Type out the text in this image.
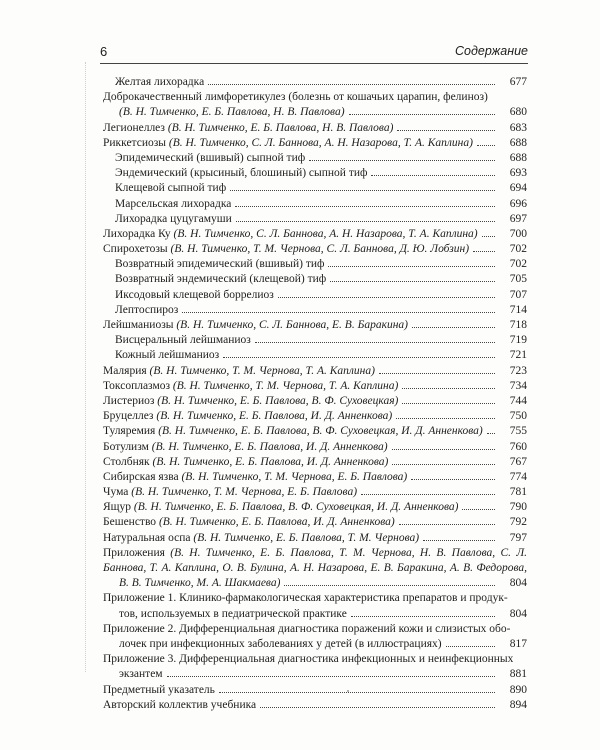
6	Содержание
Желтая лихорадка	677
Доброкачественный лимфоретикулез (болезнь от кошачьих царапин, фелиноз)
(В. Н. Тимченко, Е. Б. Павлова, Н. В. Павлова)	680
Легионеллез (В. Н. Тимченко, Е. Б. Павлова, Н. В. Павлова)	683
Риккетсиозы (В. Н. Тимченко, С. Л. Баннова, А. Н. Назарова, Т. А. Каплина)	688
Эпидемический (вшивый) сыпной тиф	688
Эндемический (крысиный, блошиный) сыпной тиф	693
Клещевой сыпной тиф	694
Марсельская лихорадка	696
Лихорадка цуцугамуши	697
Лихорадка Ку (В. Н. Тимченко, С. Л. Баннова, А. Н. Назарова, Т. А. Каплина)	700
Спирохетозы (В. Н. Тимченко, Т. М. Чернова, С. Л. Баннова, Д. Ю. Лобзин)	702
Возвратный эпидемический (вшивый) тиф	702
Возвратный эндемический (клещевой) тиф	705
Иксодовый клещевой боррелиоз	707
Лептоспироз	714
Лейшманиозы (В. Н. Тимченко, С. Л. Баннова, Е. В. Баракина)	718
Висцеральный лейшманиоз	719
Кожный лейшманиоз	721
Малярия (В. Н. Тимченко, Т. М. Чернова, Т. А. Каплина)	723
Токсоплазмоз (В. Н. Тимченко, Т. М. Чернова, Т. А. Каплина)	734
Листериоз (В. Н. Тимченко, Е. Б. Павлова, В. Ф. Суховецкая)	744
Бруцеллез (В. Н. Тимченко, Е. Б. Павлова, И. Д. Анненкова)	750
Туляремия (В. Н. Тимченко, Е. Б. Павлова, В. Ф. Суховецкая, И. Д. Анненкова)	755
Ботулизм (В. Н. Тимченко, Е. Б. Павлова, И. Д. Анненкова)	760
Столбняк (В. Н. Тимченко, Е. Б. Павлова, И. Д. Анненкова)	767
Сибирская язва (В. Н. Тимченко, Т. М. Чернова, Е. Б. Павлова)	774
Чума (В. Н. Тимченко, Т. М. Чернова, Е. Б. Павлова)	781
Ящур (В. Н. Тимченко, Е. Б. Павлова, В. Ф. Суховецкая, И. Д. Анненкова)	790
Бешенство (В. Н. Тимченко, Е. Б. Павлова, И. Д. Анненкова)	792
Натуральная оспа (В. Н. Тимченко, Е. Б. Павлова, Т. М. Чернова)	797
Приложения (В. Н. Тимченко, Е. Б. Павлова, Т. М. Чернова, Н. В. Павлова, С. Л. Баннова, Т. А. Каплина, О. В. Булина, А. Н. Назарова, Е. В. Баракина, А. В. Федорова,
В. В. Тимченко, М. А. Шакмаева)	804
Приложение 1. Клинико-фармакологическая характеристика препаратов и продук-
тов, используемых в педиатрической практике	804
Приложение 2. Дифференциальная диагностика поражений кожи и слизистых обо-
лочек при инфекционных заболеваниях у детей (в иллюстрациях)	817
Приложение 3. Дифференциальная диагностика инфекционных и неинфекционных
экзантем	881
Предметный указатель	890
Авторский коллектив учебника	894
